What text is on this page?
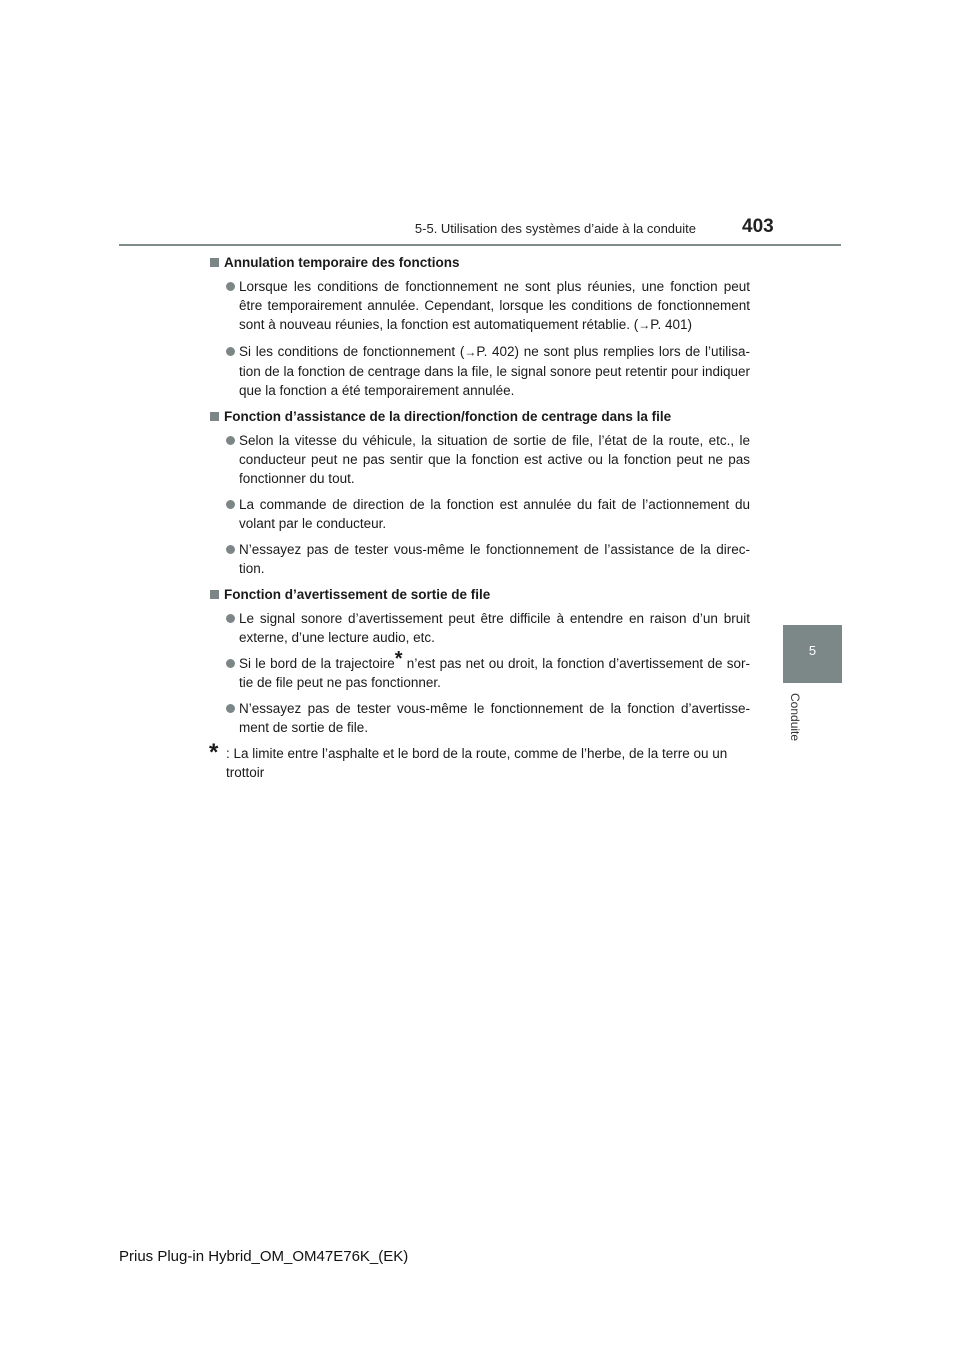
5-5. Utilisation des systèmes d’aide à la conduite 403
5
Conduite
Annulation temporaire des fonctions
Lorsque les conditions de fonctionnement ne sont plus réunies, une fonction peut être temporairement annulée. Cependant, lorsque les conditions de fonctionnement sont à nouveau réunies, la fonction est automatiquement rétablie. (→P. 401)
Si les conditions de fonctionnement (→P. 402) ne sont plus remplies lors de l’utilisa-tion de la fonction de centrage dans la file, le signal sonore peut retentir pour indiquer que la fonction a été temporairement annulée.
Fonction d’assistance de la direction/fonction de centrage dans la file
Selon la vitesse du véhicule, la situation de sortie de file, l’état de la route, etc., le conducteur peut ne pas sentir que la fonction est active ou la fonction peut ne pas fonctionner du tout.
La commande de direction de la fonction est annulée du fait de l’actionnement du volant par le conducteur.
N’essayez pas de tester vous-même le fonctionnement de l’assistance de la direc-tion.
Fonction d’avertissement de sortie de file
Le signal sonore d’avertissement peut être difficile à entendre en raison d’un bruit externe, d’une lecture audio, etc.
Si le bord de la trajectoire* n’est pas net ou droit, la fonction d’avertissement de sor-tie de file peut ne pas fonctionner.
N’essayez pas de tester vous-même le fonctionnement de la fonction d’avertisse-ment de sortie de file.
* : La limite entre l’asphalte et le bord de la route, comme de l’herbe, de la terre ou un trottoir
Prius Plug-in Hybrid_OM_OM47E76K_(EK)
